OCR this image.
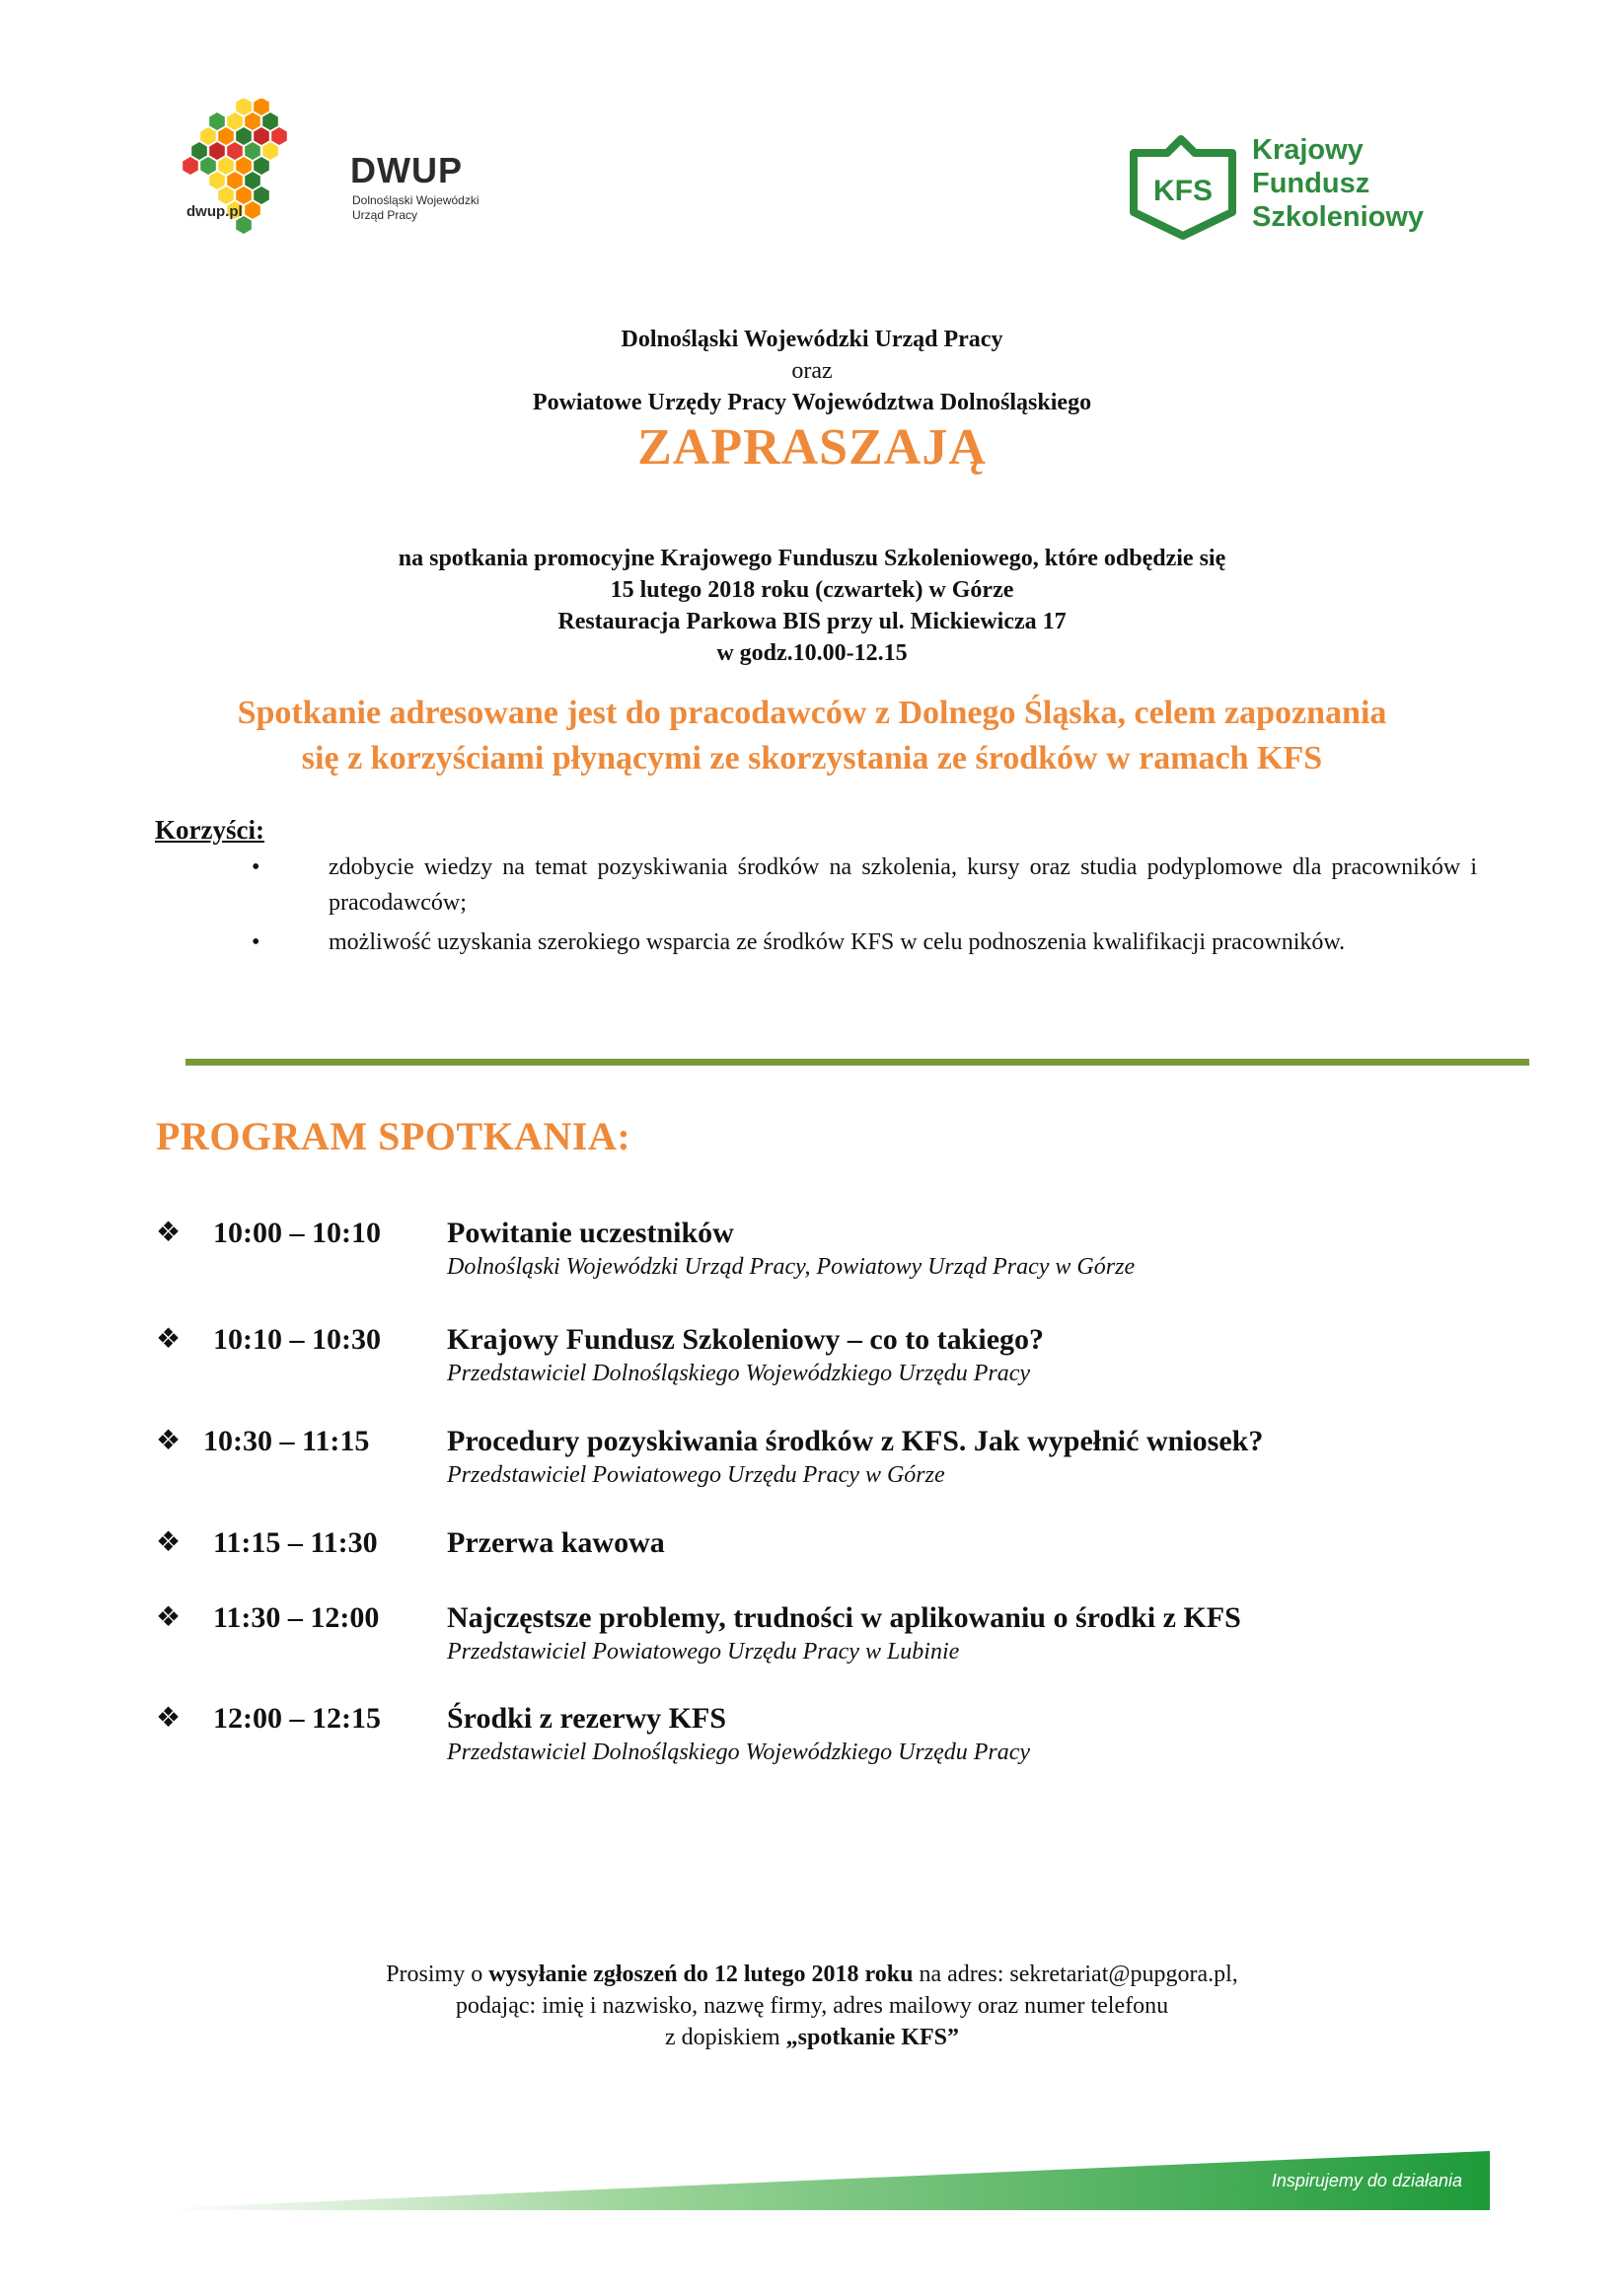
DWUP
Dolnośląski Wojewódzki Urząd Pracy
dwup.pl
KFS
Krajowy
Fundusz
Szkoleniowy
Dolnośląski Wojewódzki Urząd Pracy
oraz
Powiatowe Urzędy Pracy Województwa Dolnośląskiego
ZAPRASZAJĄ
na spotkania promocyjne Krajowego Funduszu Szkoleniowego, które odbędzie się
15 lutego 2018 roku (czwartek) w Górze
Restauracja Parkowa BIS przy ul. Mickiewicza 17
w godz.10.00-12.15
Spotkanie adresowane jest do pracodawców z Dolnego Śląska, celem zapoznania
się z korzyściami płynącymi ze skorzystania ze środków w ramach KFS

Korzyści:

•	zdobycie wiedzy na temat pozyskiwania środków na szkolenia, kursy oraz studia podyplomowe dla pracowników i pracodawców;
•	możliwość uzyskania szerokiego wsparcia ze środków KFS w celu podnoszenia kwalifikacji pracowników.
PROGRAM SPOTKANIA:
❖ 10:00 – 10:10 Powitanie uczestników
Dolnośląski Wojewódzki Urząd Pracy, Powiatowy Urząd Pracy w Górze
❖ 10:10 – 10:30 Krajowy Fundusz Szkoleniowy – co to takiego?
Przedstawiciel Dolnośląskiego Wojewódzkiego Urzędu Pracy
❖ 10:30 – 11:15	Procedury pozyskiwania środków z KFS. Jak wypełnić wniosek?
Przedstawiciel Powiatowego Urzędu Pracy w Górze
❖ 11:15 – 11:30 Przerwa kawowa
❖ 11:30 – 12:00 Najczęstsze problemy, trudności w aplikowaniu o środki z KFS
Przedstawiciel Powiatowego Urzędu Pracy w Lubinie
❖ 12:00 – 12:15 Środki z rezerwy KFS
Przedstawiciel Dolnośląskiego Wojewódzkiego Urzędu Pracy
Prosimy o wysyłanie zgłoszeń do 12 lutego 2018 roku na adres: sekretariat@pupgora.pl,
podając: imię i nazwisko, nazwę firmy, adres mailowy oraz numer telefonu
z dopiskiem „spotkanie KFS”
Inspirujemy do działania
